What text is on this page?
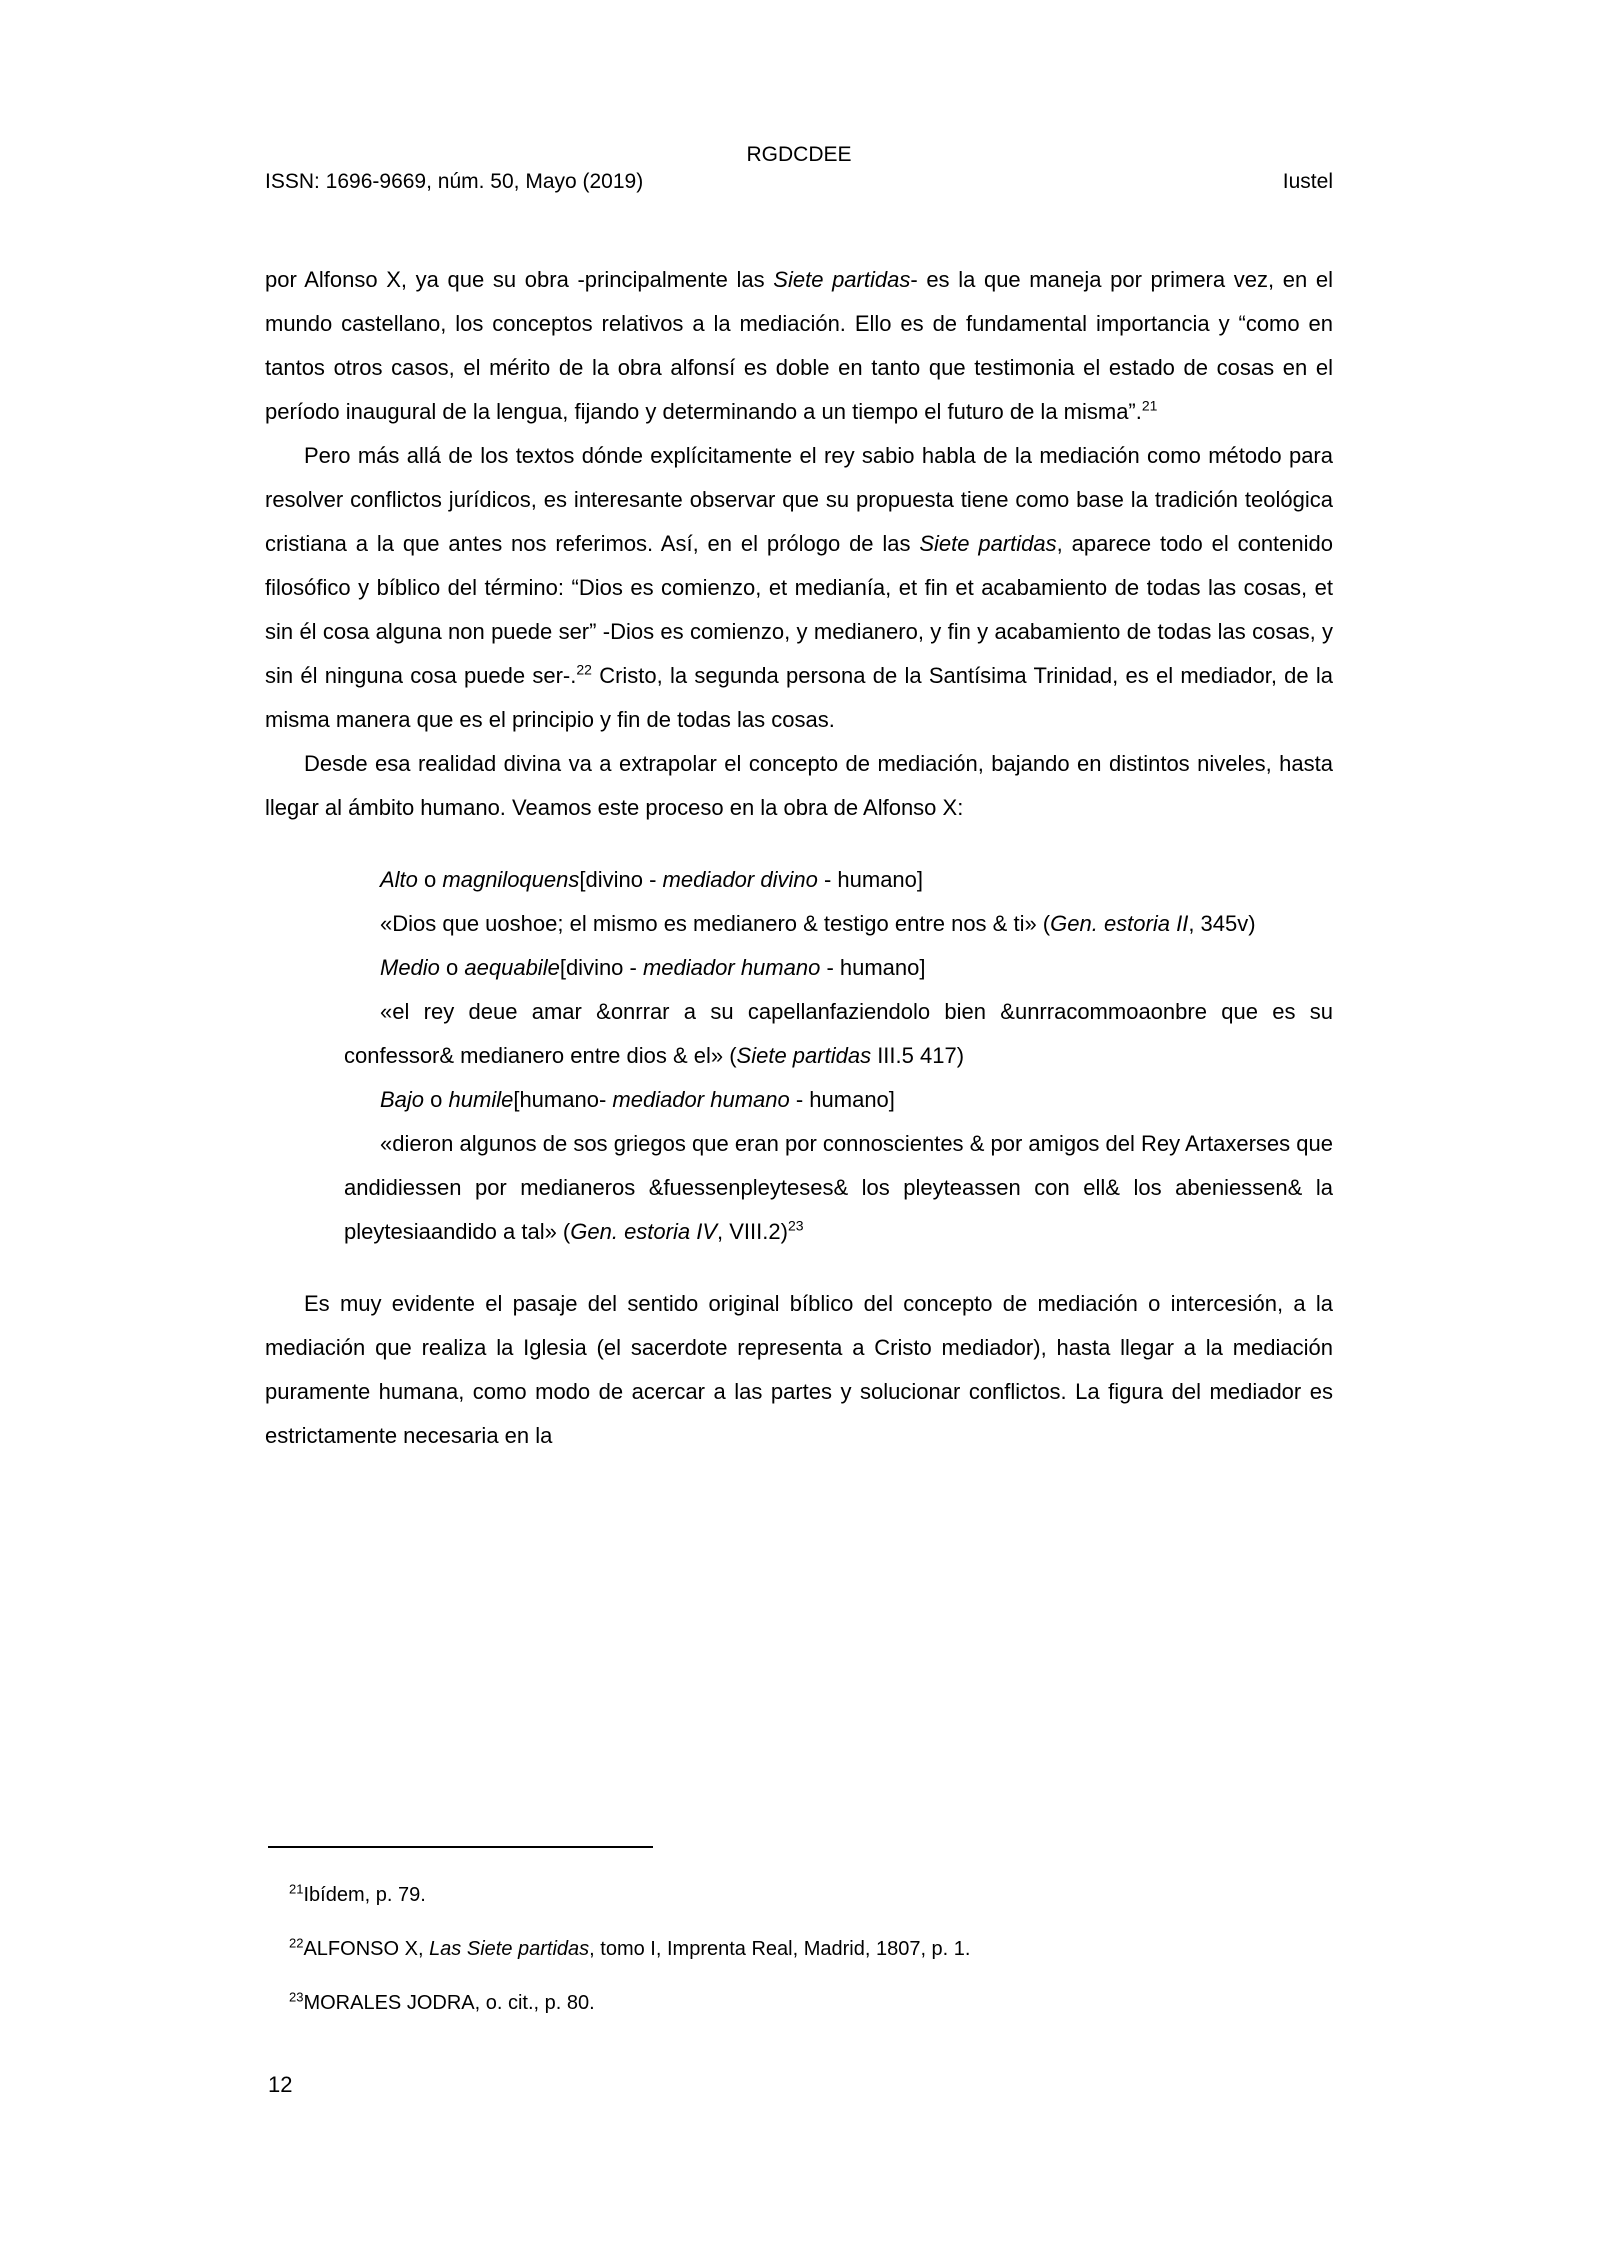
RGDCDEE
ISSN: 1696-9669, núm. 50, Mayo (2019)	Iustel

por Alfonso X, ya que su obra -principalmente las Siete partidas- es la que maneja por primera vez, en el mundo castellano, los conceptos relativos a la mediación. Ello es de fundamental importancia y “como en tantos otros casos, el mérito de la obra alfonsí es doble en tanto que testimonia el estado de cosas en el período inaugural de la lengua, fijando y determinando a un tiempo el futuro de la misma”.$^{21}$

Pero más allá de los textos dónde explícitamente el rey sabio habla de la mediación como método para resolver conflictos jurídicos, es interesante observar que su propuesta tiene como base la tradición teológica cristiana a la que antes nos referimos. Así, en el prólogo de las Siete partidas, aparece todo el contenido filosófico y bíblico del término: “Dios es comienzo, et medianía, et fin et acabamiento de todas las cosas, et sin él cosa alguna non puede ser” -Dios es comienzo, y medianero, y fin y acabamiento de todas las cosas, y sin él ninguna cosa puede ser-.$^{22}$ Cristo, la segunda persona de la Santísima Trinidad, es el mediador, de la misma manera que es el principio y fin de todas las cosas.

Desde esa realidad divina va a extrapolar el concepto de mediación, bajando en distintos niveles, hasta llegar al ámbito humano. Veamos este proceso en la obra de Alfonso X:

Alto o magniloquens[divino - mediador divino - humano]

«Dios que uoshoe; el mismo es medianero & testigo entre nos & ti» (Gen. estoria II, 345v)

Medio o aequabile[divino - mediador humano - humano]

«el rey deue amar &onrrar a su capellanfaziendolo bien &unrracommoaonbre que es su confessor& medianero entre dios & el» (Siete partidas III.5 417)

Bajo o humile[humano- mediador humano - humano]

«dieron algunos de sos griegos que eran por connoscientes & por amigos del Rey Artaxerses que andidiessen por medianeros &fuessenpleyteses& los pleyteassen con ell& los abeniessen& la pleytesiaandido a tal» (Gen. estoria IV, VIII.2)$^{23}$

Es muy evidente el pasaje del sentido original bíblico del concepto de mediación o intercesión, a la mediación que realiza la Iglesia (el sacerdote representa a Cristo mediador), hasta llegar a la mediación puramente humana, como modo de acercar a las partes y solucionar conflictos. La figura del mediador es estrictamente necesaria en la

$^{21}$Ibídem, p. 79.

$^{22}$ALFONSO X, Las Siete partidas, tomo I, Imprenta Real, Madrid, 1807, p. 1.

$^{23}$MORALES JODRA, o. cit., p. 80.

12
